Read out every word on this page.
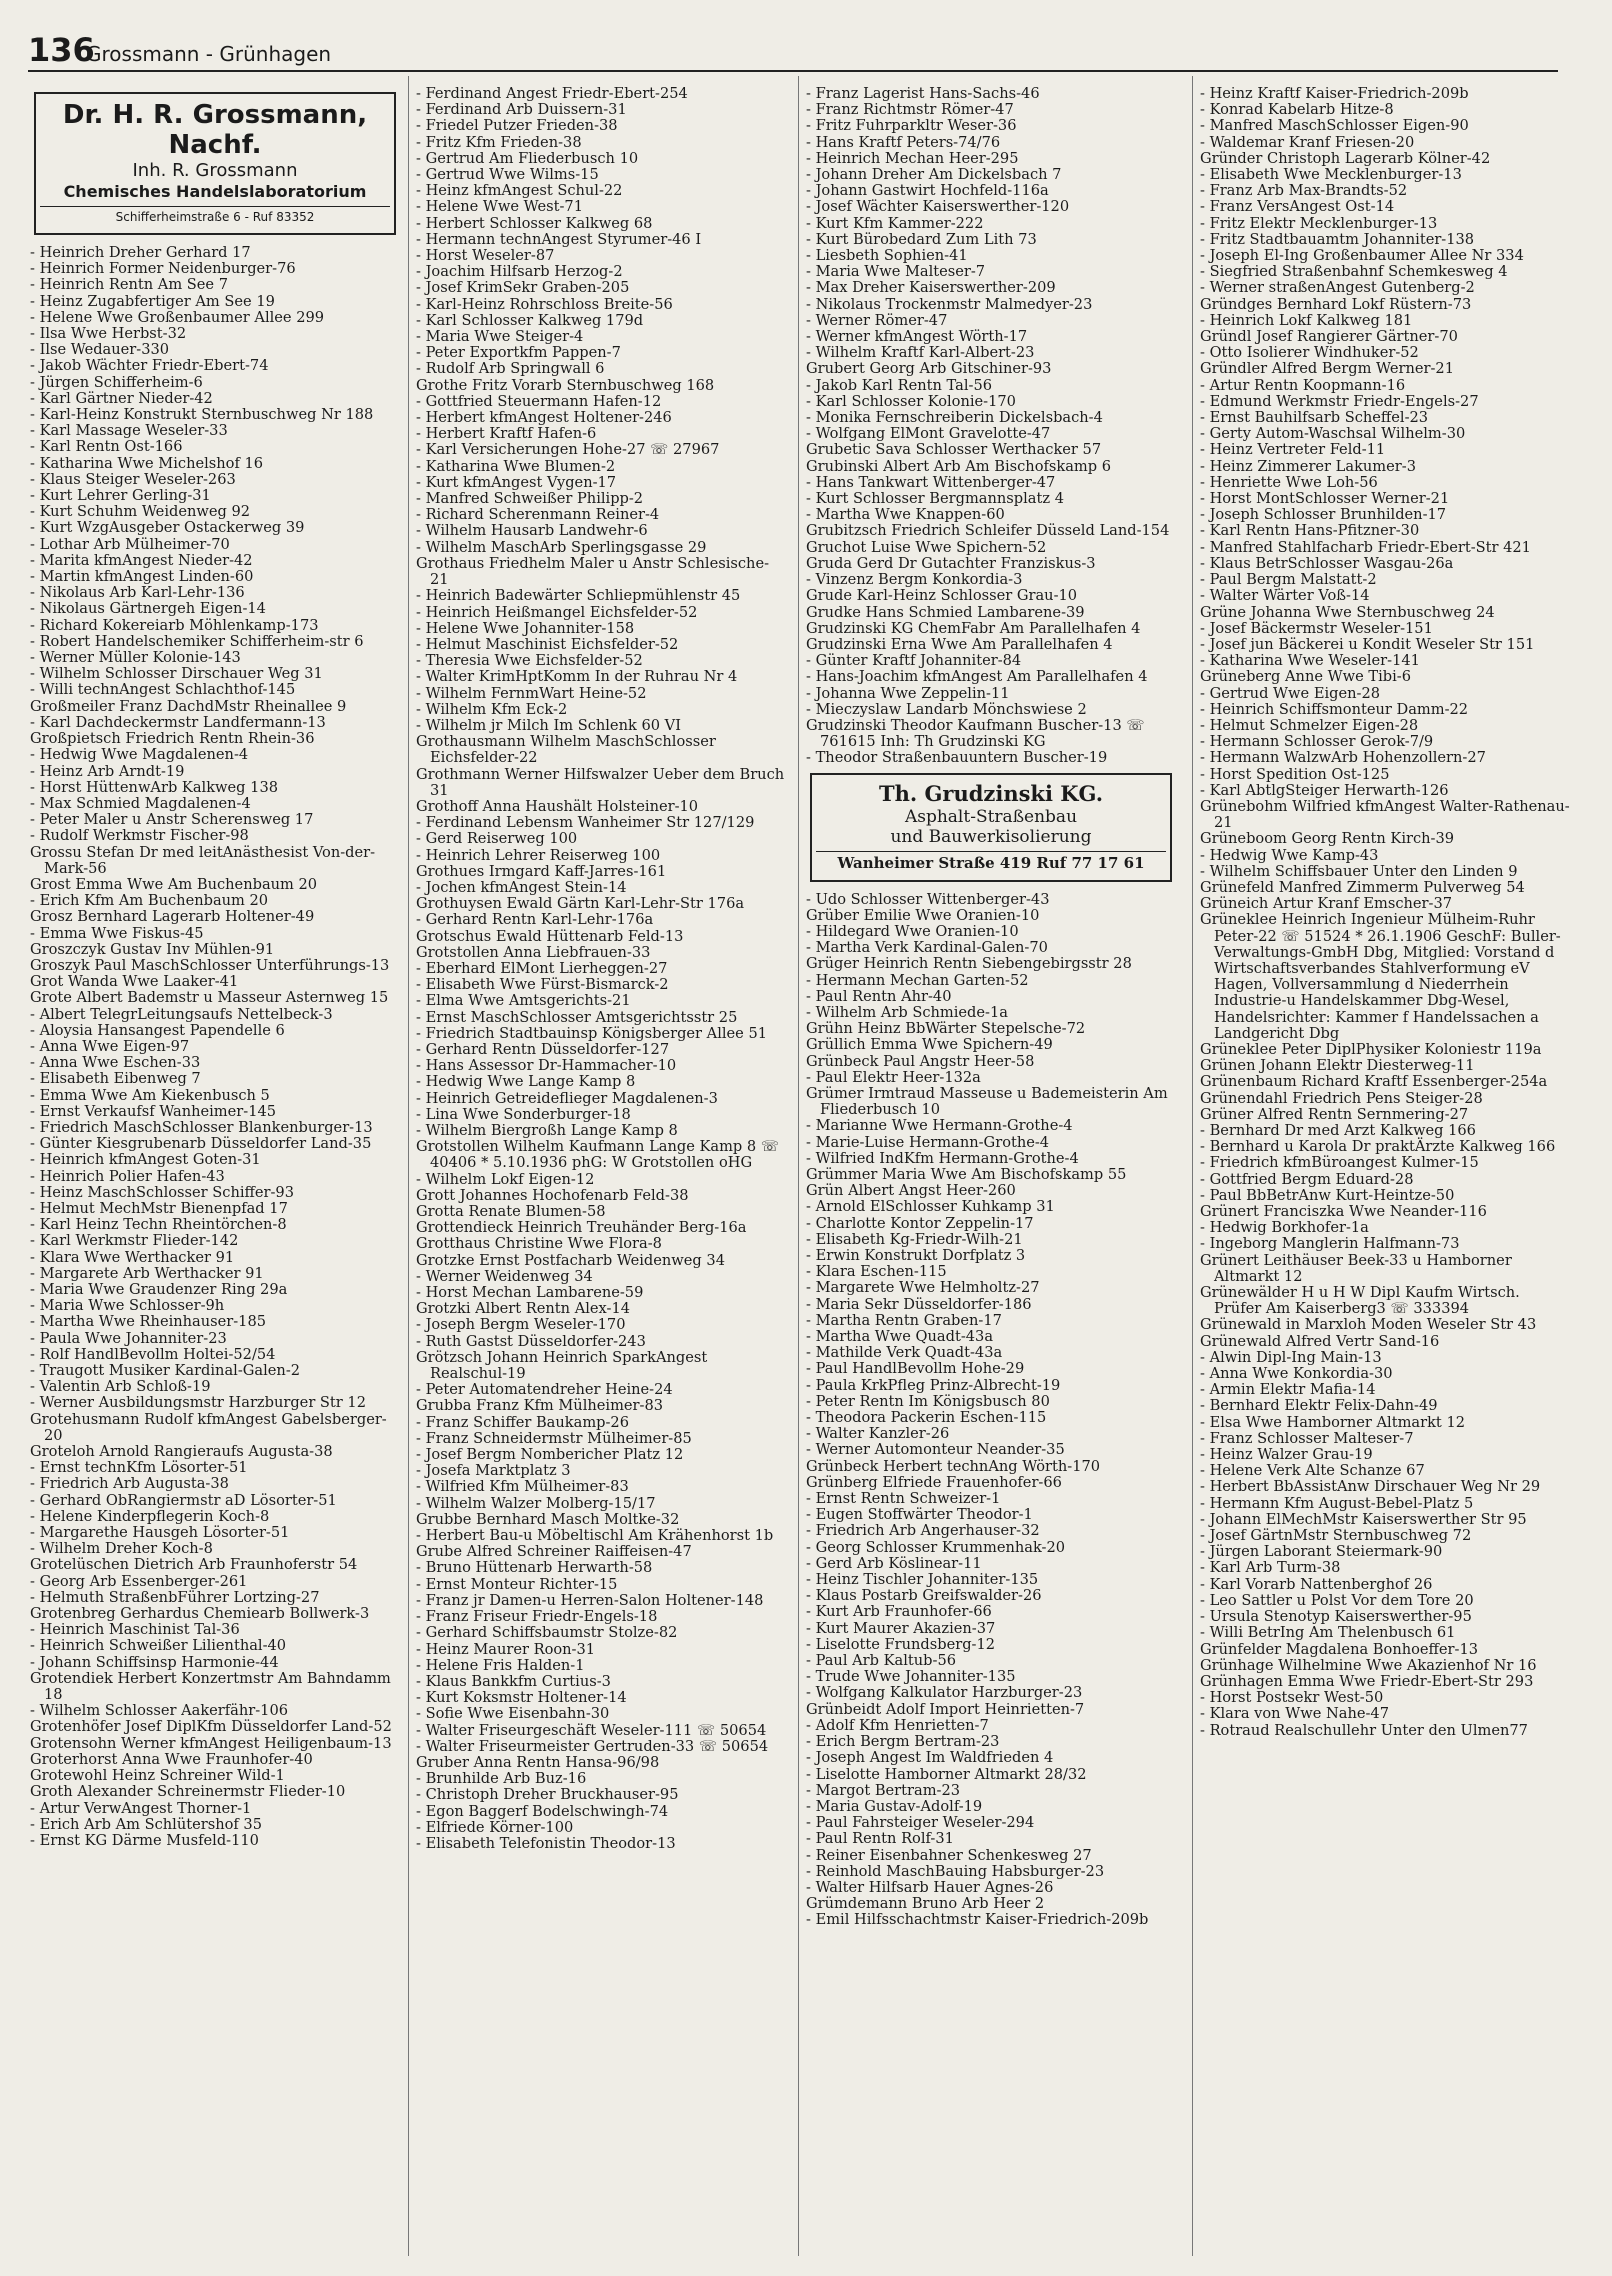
136
Grossmann - Grünhagen
Dr. H. R. Grossmann, Nachf.
Inh. R. Grossmann
Chemisches Handelslaboratorium
Schifferheimstraße 6 - Ruf 83352
- Heinrich Dreher Gerhard 17
- Heinrich Former Neidenburger-76
- Heinrich Rentn Am See 7
- Heinz Zugabfertiger Am See 19
- Helene Wwe Großenbaumer Allee 299
- Ilsa Wwe Herbst-32
- Ilse Wedauer-330
- Jakob Wächter Friedr-Ebert-74
- Jürgen Schifferheim-6
- Karl Gärtner Nieder-42
- Karl-Heinz Konstrukt Sternbuschweg Nr 188
- Karl Massage Weseler-33
- Karl Rentn Ost-166
- Katharina Wwe Michelshof 16
- Klaus Steiger Weseler-263
- Kurt Lehrer Gerling-31
- Kurt Schuhm Weidenweg 92
- Kurt WzgAusgeber Ostackerweg 39
- Lothar Arb Mülheimer-70
- Marita kfmAngest Nieder-42
- Martin kfmAngest Linden-60
- Nikolaus Arb Karl-Lehr-136
- Nikolaus Gärtnergeh Eigen-14
- Richard Kokereiarb Möhlenkamp-173
- Robert Handelschemiker Schifferheim-str 6
- Werner Müller Kolonie-143
- Wilhelm Schlosser Dirschauer Weg 31
- Willi technAngest Schlachthof-145
Großmeiler Franz DachdMstr Rheinallee 9
- Karl Dachdeckermstr Landfermann-13
Großpietsch Friedrich Rentn Rhein-36
- Hedwig Wwe Magdalenen-4
- Heinz Arb Arndt-19
- Horst HüttenwArb Kalkweg 138
- Max Schmied Magdalenen-4
- Peter Maler u Anstr Scherensweg 17
- Rudolf Werkmstr Fischer-98
Grossu Stefan Dr med leitAnästhesist Von-der-Mark-56
Grost Emma Wwe Am Buchenbaum 20
- Erich Kfm Am Buchenbaum 20
Grosz Bernhard Lagerarb Holtener-49
- Emma Wwe Fiskus-45
Groszczyk Gustav Inv Mühlen-91
Groszyk Paul MaschSchlosser Unterführungs-13
Grot Wanda Wwe Laaker-41
Grote Albert Bademstr u Masseur Asternweg 15
- Albert TelegrLeitungsaufs Nettelbeck-3
- Aloysia Hansangest Papendelle 6
- Anna Wwe Eigen-97
- Anna Wwe Eschen-33
- Elisabeth Eibenweg 7
- Emma Wwe Am Kiekenbusch 5
- Ernst Verkaufsf Wanheimer-145
- Friedrich MaschSchlosser Blankenburger-13
- Günter Kiesgrubenarb Düsseldorfer Land-35
- Heinrich kfmAngest Goten-31
- Heinrich Polier Hafen-43
- Heinz MaschSchlosser Schiffer-93
- Helmut MechMstr Bienenpfad 17
- Karl Heinz Techn Rheintörchen-8
- Karl Werkmstr Flieder-142
- Klara Wwe Werthacker 91
- Margarete Arb Werthacker 91
- Maria Wwe Graudenzer Ring 29a
- Maria Wwe Schlosser-9h
- Martha Wwe Rheinhauser-185
- Paula Wwe Johanniter-23
- Rolf HandlBevollm Holtei-52/54
- Traugott Musiker Kardinal-Galen-2
- Valentin Arb Schloß-19
- Werner Ausbildungsmstr Harzburger Str 12
Grotehusmann Rudolf kfmAngest Gabelsberger-20
Groteloh Arnold Rangieraufs Augusta-38
- Ernst technKfm Lösorter-51
- Friedrich Arb Augusta-38
- Gerhard ObRangiermstr aD Lösorter-51
- Helene Kinderpflegerin Koch-8
- Margarethe Hausgeh Lösorter-51
- Wilhelm Dreher Koch-8
Grotelüschen Dietrich Arb Fraunhoferstr 54
- Georg Arb Essenberger-261
- Helmuth StraßenbFührer Lortzing-27
Grotenbreg Gerhardus Chemiearb Bollwerk-3
- Heinrich Maschinist Tal-36
- Heinrich Schweißer Lilienthal-40
- Johann Schiffsinsp Harmonie-44
Grotendiek Herbert Konzertmstr Am Bahndamm 18
- Wilhelm Schlosser Aakerfähr-106
Grotenhöfer Josef DiplKfm Düsseldorfer Land-52
Grotensohn Werner kfmAngest Heiligenbaum-13
Groterhorst Anna Wwe Fraunhofer-40
Grotewohl Heinz Schreiner Wild-1
Groth Alexander Schreinermstr Flieder-10
- Artur VerwAngest Thorner-1
- Erich Arb Am Schlütershof 35
- Ernst KG Därme Musfeld-110
- Ferdinand Angest Friedr-Ebert-254
- Ferdinand Arb Duissern-31
- Friedel Putzer Frieden-38
- Fritz Kfm Frieden-38
- Gertrud Am Fliederbusch 10
- Gertrud Wwe Wilms-15
- Heinz kfmAngest Schul-22
- Helene Wwe West-71
- Herbert Schlosser Kalkweg 68
- Hermann technAngest Styrumer-46 I
- Horst Weseler-87
- Joachim Hilfsarb Herzog-2
- Josef KrimSekr Graben-205
- Karl-Heinz Rohrschloss Breite-56
- Karl Schlosser Kalkweg 179d
- Maria Wwe Steiger-4
- Peter Exportkfm Pappen-7
- Rudolf Arb Springwall 6
Grothe Fritz Vorarb Sternbuschweg 168
- Gottfried Steuermann Hafen-12
- Herbert kfmAngest Holtener-246
- Herbert Kraftf Hafen-6
- Karl Versicherungen Hohe-27 ☏ 27967
- Katharina Wwe Blumen-2
- Kurt kfmAngest Vygen-17
- Manfred Schweißer Philipp-2
- Richard Scherenmann Reiner-4
- Wilhelm Hausarb Landwehr-6
- Wilhelm MaschArb Sperlingsgasse 29
Grothaus Friedhelm Maler u Anstr Schlesische-21
- Heinrich Badewärter Schliepmühlenstr 45
- Heinrich Heißmangel Eichsfelder-52
- Helene Wwe Johanniter-158
- Helmut Maschinist Eichsfelder-52
- Theresia Wwe Eichsfelder-52
- Walter KrimHptKomm In der Ruhrau Nr 4
- Wilhelm FernmWart Heine-52
- Wilhelm Kfm Eck-2
- Wilhelm jr Milch Im Schlenk 60 VI
Grothausmann Wilhelm MaschSchlosser Eichsfelder-22
Grothmann Werner Hilfswalzer Ueber dem Bruch 31
Grothoff Anna Haushält Holsteiner-10
- Ferdinand Lebensm Wanheimer Str 127/129
- Gerd Reiserweg 100
- Heinrich Lehrer Reiserweg 100
Grothues Irmgard Kaff-Jarres-161
- Jochen kfmAngest Stein-14
Grothuysen Ewald Gärtn Karl-Lehr-Str 176a
- Gerhard Rentn Karl-Lehr-176a
Grotschus Ewald Hüttenarb Feld-13
Grotstollen Anna Liebfrauen-33
- Eberhard ElMont Lierheggen-27
- Elisabeth Wwe Fürst-Bismarck-2
- Elma Wwe Amtsgerichts-21
- Ernst MaschSchlosser Amtsgerichtsstr 25
- Friedrich Stadtbauinsp Königsberger Allee 51
- Gerhard Rentn Düsseldorfer-127
- Hans Assessor Dr-Hammacher-10
- Hedwig Wwe Lange Kamp 8
- Heinrich Getreideflieger Magdalenen-3
- Lina Wwe Sonderburger-18
- Wilhelm Biergroßh Lange Kamp 8
Grotstollen Wilhelm Kaufmann Lange Kamp 8 ☏ 40406 * 5.10.1936 phG: W Grotstollen oHG
- Wilhelm Lokf Eigen-12
Grott Johannes Hochofenarb Feld-38
Grotta Renate Blumen-58
Grottendieck Heinrich Treuhänder Berg-16a
Grotthaus Christine Wwe Flora-8
Grotzke Ernst Postfacharb Weidenweg 34
- Werner Weidenweg 34
- Horst Mechan Lambarene-59
Grotzki Albert Rentn Alex-14
- Joseph Bergm Weseler-170
- Ruth Gastst Düsseldorfer-243
Grötzsch Johann Heinrich SparkAngest Realschul-19
- Peter Automatendreher Heine-24
Grubba Franz Kfm Mülheimer-83
- Franz Schiffer Baukamp-26
- Franz Schneidermstr Mülheimer-85
- Josef Bergm Nombericher Platz 12
- Josefa Marktplatz 3
- Wilfried Kfm Mülheimer-83
- Wilhelm Walzer Molberg-15/17
Grubbe Bernhard Masch Moltke-32
- Herbert Bau-u Möbeltischl Am Krähenhorst 1b
Grube Alfred Schreiner Raiffeisen-47
- Bruno Hüttenarb Herwarth-58
- Ernst Monteur Richter-15
- Franz jr Damen-u Herren-Salon Holtener-148
- Franz Friseur Friedr-Engels-18
- Gerhard Schiffsbaumstr Stolze-82
- Heinz Maurer Roon-31
- Helene Fris Halden-1
- Klaus Bankkfm Curtius-3
- Kurt Koksmstr Holtener-14
- Sofie Wwe Eisenbahn-30
- Walter Friseurgeschäft Weseler-111 ☏ 50654
- Walter Friseurmeister Gertruden-33 ☏ 50654
Gruber Anna Rentn Hansa-96/98
- Brunhilde Arb Buz-16
- Christoph Dreher Bruckhauser-95
- Egon Baggerf Bodelschwingh-74
- Elfriede Körner-100
- Elisabeth Telefonistin Theodor-13
- Franz Lagerist Hans-Sachs-46
- Franz Richtmstr Römer-47
- Fritz Fuhrparkltr Weser-36
- Hans Kraftf Peters-74/76
- Heinrich Mechan Heer-295
- Johann Dreher Am Dickelsbach 7
- Johann Gastwirt Hochfeld-116a
- Josef Wächter Kaiserswerther-120
- Kurt Kfm Kammer-222
- Kurt Bürobedard Zum Lith 73
- Liesbeth Sophien-41
- Maria Wwe Malteser-7
- Max Dreher Kaiserswerther-209
- Nikolaus Trockenmstr Malmedyer-23
- Werner Römer-47
- Werner kfmAngest Wörth-17
- Wilhelm Kraftf Karl-Albert-23
Grubert Georg Arb Gitschiner-93
- Jakob Karl Rentn Tal-56
- Karl Schlosser Kolonie-170
- Monika Fernschreiberin Dickelsbach-4
- Wolfgang ElMont Gravelotte-47
Grubetic Sava Schlosser Werthacker 57
Grubinski Albert Arb Am Bischofskamp 6
- Hans Tankwart Wittenberger-47
- Kurt Schlosser Bergmannsplatz 4
- Martha Wwe Knappen-60
Grubitzsch Friedrich Schleifer Düsseld Land-154
Gruchot Luise Wwe Spichern-52
Gruda Gerd Dr Gutachter Franziskus-3
- Vinzenz Bergm Konkordia-3
Grude Karl-Heinz Schlosser Grau-10
Grudke Hans Schmied Lambarene-39
Grudzinski KG ChemFabr Am Parallelhafen 4
Grudzinski Erna Wwe Am Parallelhafen 4
- Günter Kraftf Johanniter-84
- Hans-Joachim kfmAngest Am Parallelhafen 4
- Johanna Wwe Zeppelin-11
- Mieczyslaw Landarb Mönchswiese 2
Grudzinski Theodor Kaufmann Buscher-13 ☏ 761615 Inh: Th Grudzinski KG
- Theodor Straßenbauuntern Buscher-19
Th. Grudzinski KG.
Asphalt-Straßenbau
und Bauwerkisolierung
Wanheimer Straße 419 Ruf 77 17 61
- Udo Schlosser Wittenberger-43
Grüber Emilie Wwe Oranien-10
- Hildegard Wwe Oranien-10
- Martha Verk Kardinal-Galen-70
Grüger Heinrich Rentn Siebengebirgsstr 28
- Hermann Mechan Garten-52
- Paul Rentn Ahr-40
- Wilhelm Arb Schmiede-1a
Grühn Heinz BbWärter Stepelsche-72
Grüllich Emma Wwe Spichern-49
Grünbeck Paul Angstr Heer-58
- Paul Elektr Heer-132a
Grümer Irmtraud Masseuse u Bademeisterin Am Fliederbusch 10
- Marianne Wwe Hermann-Grothe-4
- Marie-Luise Hermann-Grothe-4
- Wilfried IndKfm Hermann-Grothe-4
Grümmer Maria Wwe Am Bischofskamp 55
Grün Albert Angst Heer-260
- Arnold ElSchlosser Kuhkamp 31
- Charlotte Kontor Zeppelin-17
- Elisabeth Kg-Friedr-Wilh-21
- Erwin Konstrukt Dorfplatz 3
- Klara Eschen-115
- Margarete Wwe Helmholtz-27
- Maria Sekr Düsseldorfer-186
- Martha Rentn Graben-17
- Martha Wwe Quadt-43a
- Mathilde Verk Quadt-43a
- Paul HandlBevollm Hohe-29
- Paula KrkPfleg Prinz-Albrecht-19
- Peter Rentn Im Königsbusch 80
- Theodora Packerin Eschen-115
- Walter Kanzler-26
- Werner Automonteur Neander-35
Grünbeck Herbert technAng Wörth-170
Grünberg Elfriede Frauenhofer-66
- Ernst Rentn Schweizer-1
- Eugen Stoffwärter Theodor-1
- Friedrich Arb Angerhauser-32
- Georg Schlosser Krummenhak-20
- Gerd Arb Köslinear-11
- Heinz Tischler Johanniter-135
- Klaus Postarb Greifswalder-26
- Kurt Arb Fraunhofer-66
- Kurt Maurer Akazien-37
- Liselotte Frundsberg-12
- Paul Arb Kaltub-56
- Trude Wwe Johanniter-135
- Wolfgang Kalkulator Harzburger-23
Grünbeidt Adolf Import Heinrietten-7
- Adolf Kfm Henrietten-7
- Erich Bergm Bertram-23
- Joseph Angest Im Waldfrieden 4
- Liselotte Hamborner Altmarkt 28/32
- Margot Bertram-23
- Maria Gustav-Adolf-19
- Paul Fahrsteiger Weseler-294
- Paul Rentn Rolf-31
- Reiner Eisenbahner Schenkesweg 27
- Reinhold MaschBauing Habsburger-23
- Walter Hilfsarb Hauer Agnes-26
Grümdemann Bruno Arb Heer 2
- Emil Hilfsschachtmstr Kaiser-Friedrich-209b
- Heinz Kraftf Kaiser-Friedrich-209b
- Konrad Kabelarb Hitze-8
- Manfred MaschSchlosser Eigen-90
- Waldemar Kranf Friesen-20
Gründer Christoph Lagerarb Kölner-42
- Elisabeth Wwe Mecklenburger-13
- Franz Arb Max-Brandts-52
- Franz VersAngest Ost-14
- Fritz Elektr Mecklenburger-13
- Fritz Stadtbauamtm Johanniter-138
- Joseph El-Ing Großenbaumer Allee Nr 334
- Siegfried Straßenbahnf Schemkesweg 4
- Werner straßenAngest Gutenberg-2
Gründges Bernhard Lokf Rüstern-73
- Heinrich Lokf Kalkweg 181
Gründl Josef Rangierer Gärtner-70
- Otto Isolierer Windhuker-52
Gründler Alfred Bergm Werner-21
- Artur Rentn Koopmann-16
- Edmund Werkmstr Friedr-Engels-27
- Ernst Bauhilfsarb Scheffel-23
- Gerty Autom-Waschsal Wilhelm-30
- Heinz Vertreter Feld-11
- Heinz Zimmerer Lakumer-3
- Henriette Wwe Loh-56
- Horst MontSchlosser Werner-21
- Joseph Schlosser Brunhilden-17
- Karl Rentn Hans-Pfitzner-30
- Manfred Stahlfacharb Friedr-Ebert-Str 421
- Klaus BetrSchlosser Wasgau-26a
- Paul Bergm Malstatt-2
- Walter Wärter Voß-14
Grüne Johanna Wwe Sternbuschweg 24
- Josef Bäckermstr Weseler-151
- Josef jun Bäckerei u Kondit Weseler Str 151
- Katharina Wwe Weseler-141
Grüneberg Anne Wwe Tibi-6
- Gertrud Wwe Eigen-28
- Heinrich Schiffsmonteur Damm-22
- Helmut Schmelzer Eigen-28
- Hermann Schlosser Gerok-7/9
- Hermann WalzwArb Hohenzollern-27
- Horst Spedition Ost-125
- Karl AbtlgSteiger Herwarth-126
Grünebohm Wilfried kfmAngest Walter-Rathenau-21
Grüneboom Georg Rentn Kirch-39
- Hedwig Wwe Kamp-43
- Wilhelm Schiffsbauer Unter den Linden 9
Grünefeld Manfred Zimmerm Pulverweg 54
Grüneich Artur Kranf Emscher-37
Grüneklee Heinrich Ingenieur Mülheim-Ruhr Peter-22 ☏ 51524 * 26.1.1906 GeschF: Buller-Verwaltungs-GmbH Dbg, Mitglied: Vorstand d Wirtschaftsverbandes Stahlverformung eV Hagen, Vollversammlung d Niederrhein Industrie-u Handelskammer Dbg-Wesel, Handelsrichter: Kammer f Handelssachen a Landgericht Dbg
Grüneklee Peter DiplPhysiker Koloniestr 119a
Grünen Johann Elektr Diesterweg-11
Grünenbaum Richard Kraftf Essenberger-254a
Grünendahl Friedrich Pens Steiger-28
Grüner Alfred Rentn Sernmering-27
- Bernhard Dr med Arzt Kalkweg 166
- Bernhard u Karola Dr praktÄrzte Kalkweg 166
- Friedrich kfmBüroangest Kulmer-15
- Gottfried Bergm Eduard-28
- Paul BbBetrAnw Kurt-Heintze-50
Grünert Franciszka Wwe Neander-116
- Hedwig Borkhofer-1a
- Ingeborg Manglerin Halfmann-73
Grünert Leithäuser Beek-33 u Hamborner Altmarkt 12
Grünewälder H u H W Dipl Kaufm Wirtsch. Prüfer Am Kaiserberg3 ☏ 333394
Grünewald in Marxloh Moden Weseler Str 43
Grünewald Alfred Vertr Sand-16
- Alwin Dipl-Ing Main-13
- Anna Wwe Konkordia-30
- Armin Elektr Mafia-14
- Bernhard Elektr Felix-Dahn-49
- Elsa Wwe Hamborner Altmarkt 12
- Franz Schlosser Malteser-7
- Heinz Walzer Grau-19
- Helene Verk Alte Schanze 67
- Herbert BbAssistAnw Dirschauer Weg Nr 29
- Hermann Kfm August-Bebel-Platz 5
- Johann ElMechMstr Kaiserswerther Str 95
- Josef GärtnMstr Sternbuschweg 72
- Jürgen Laborant Steiermark-90
- Karl Arb Turm-38
- Karl Vorarb Nattenberghof 26
- Leo Sattler u Polst Vor dem Tore 20
- Ursula Stenotyp Kaiserswerther-95
- Willi BetrIng Am Thelenbusch 61
Grünfelder Magdalena Bonhoeffer-13
Grünhage Wilhelmine Wwe Akazienhof Nr 16
Grünhagen Emma Wwe Friedr-Ebert-Str 293
- Horst Postsekr West-50
- Klara von Wwe Nahe-47
- Rotraud Realschullehr Unter den Ulmen77
